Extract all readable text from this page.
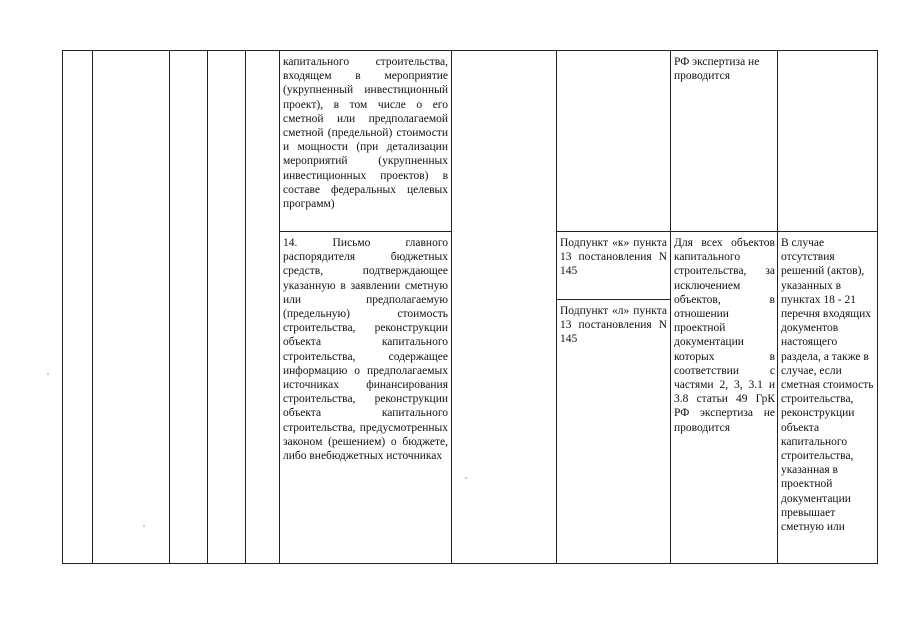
капитального строительства, входящем в мероприятие (укрупненный инвестиционный проект), в том числе о его сметной или предполагаемой сметной (предельной) стоимости и мощности (при детализации мероприятий (укрупненных инвестиционных проектов) в составе федеральных целевых программ)
РФ экспертиза не проводится
14. Письмо главного распорядителя бюджетных средств, подтверждающее указанную в заявлении сметную или предполагаемую (предельную) стоимость строительства, реконструкции объекта капитального строительства, содержащее информацию о предполагаемых источниках финансирования строительства, реконструкции объекта капитального строительства, предусмотренных законом (решением) о бюджете, либо внебюджетных источниках
Подпункт «к» пункта 13 постановления N 145
Подпункт «л» пункта 13 постановления N 145
Для всех объектов капитального строительства, за исключением объектов, в отношении проектной документации которых в соответствии с частями 2, 3, 3.1 и 3.8 статьи 49 ГрК РФ экспертиза не проводится
В случае отсутствия решений (актов), указанных в пунктах 18 - 21 перечня входящих документов настоящего раздела, а также в случае, если сметная стоимость строительства, реконструкции объекта капитального строительства, указанная в проектной документации превышает сметную или
